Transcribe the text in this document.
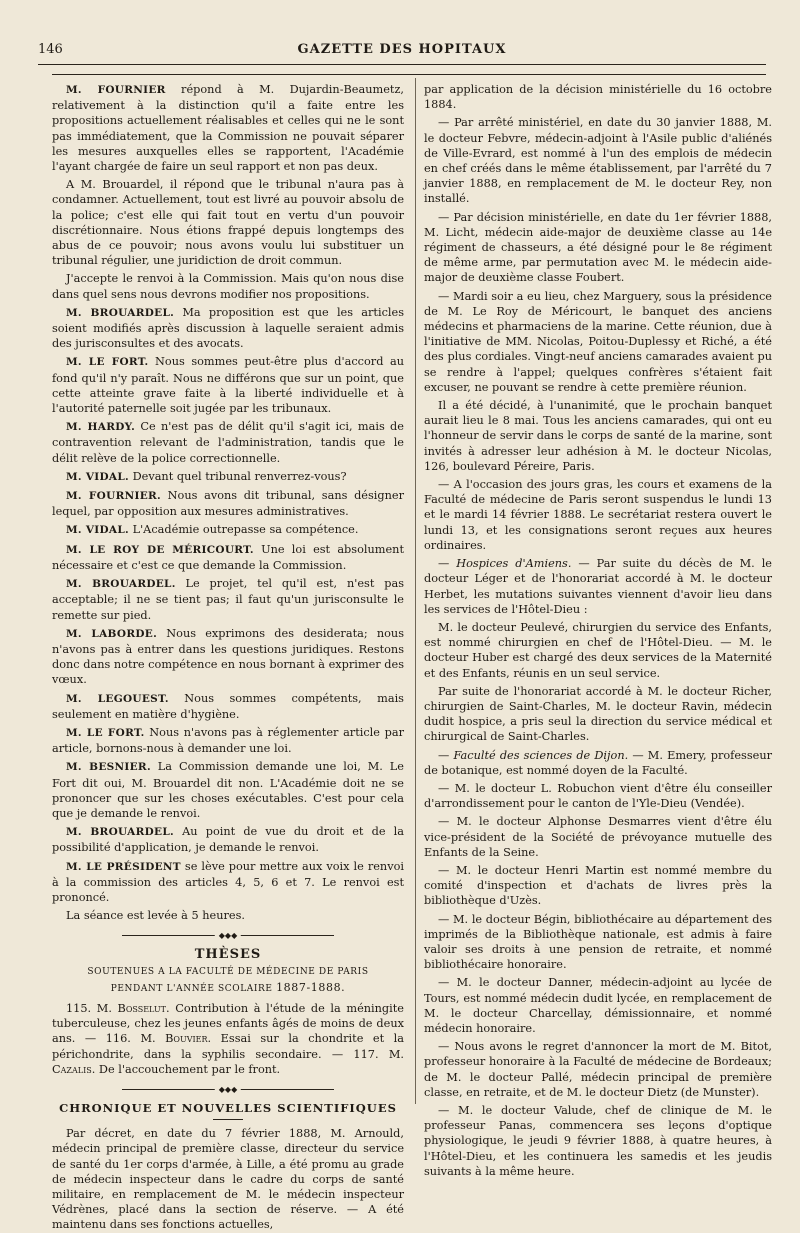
146	GAZETTE DES HOPITAUX

M. FOURNIER répond à M. Dujardin-Beaumetz, relativement à la distinction qu'il a faite entre les propositions actuellement réalisables et celles qui ne le sont pas immédiatement, que la Commission ne pouvait séparer les mesures auxquelles elles se rapportent, l'Académie l'ayant chargée de faire un seul rapport et non pas deux.

A M. Brouardel, il répond que le tribunal n'aura pas à condamner. Actuellement, tout est livré au pouvoir absolu de la police; c'est elle qui fait tout en vertu d'un pouvoir discrétionnaire. Nous étions frappé depuis longtemps des abus de ce pouvoir; nous avons voulu lui substituer un tribunal régulier, une juridiction de droit commun.

J'accepte le renvoi à la Commission. Mais qu'on nous dise dans quel sens nous devrons modifier nos propositions.

M. BROUARDEL. Ma proposition est que les articles soient modifiés après discussion à laquelle seraient admis des jurisconsultes et des avocats.

M. LE FORT. Nous sommes peut-être plus d'accord au fond qu'il n'y paraît. Nous ne différons que sur un point, que cette atteinte grave faite à la liberté individuelle et à l'autorité paternelle soit jugée par les tribunaux.

M. HARDY. Ce n'est pas de délit qu'il s'agit ici, mais de contravention relevant de l'administration, tandis que le délit relève de la police correctionnelle.

M. VIDAL. Devant quel tribunal renverrez-vous?

M. FOURNIER. Nous avons dit tribunal, sans désigner lequel, par opposition aux mesures administratives.

M. VIDAL. L'Académie outrepasse sa compétence.

M. LE ROY DE MÉRICOURT. Une loi est absolument nécessaire et c'est ce que demande la Commission.

M. BROUARDEL. Le projet, tel qu'il est, n'est pas acceptable; il ne se tient pas; il faut qu'un jurisconsulte le remette sur pied.

M. LABORDE. Nous exprimons des desiderata; nous n'avons pas à entrer dans les questions juridiques. Restons donc dans notre compétence en nous bornant à exprimer des vœux.

M. LEGOUEST. Nous sommes compétents, mais seulement en matière d'hygiène.

M. LE FORT. Nous n'avons pas à réglementer article par article, bornons-nous à demander une loi.

M. BESNIER. La Commission demande une loi, M. Le Fort dit oui, M. Brouardel dit non. L'Académie doit ne se prononcer que sur les choses exécutables. C'est pour cela que je demande le renvoi.

M. BROUARDEL. Au point de vue du droit et de la possibilité d'application, je demande le renvoi.

M. LE PRÉSIDENT se lève pour mettre aux voix le renvoi à la commission des articles 4, 5, 6 et 7. Le renvoi est prononcé.

La séance est levée à 5 heures.

◆◆◆

THÈSES

SOUTENUES A LA FACULTÉ DE MÉDECINE DE PARIS

PENDANT L'ANNÉE SCOLAIRE 1887-1888.

115. M. Bosselut. Contribution à l'étude de la méningite tuberculeuse, chez les jeunes enfants âgés de moins de deux ans. — 116. M. Bouvier. Essai sur la chondrite et la périchondrite, dans la syphilis secondaire. — 117. M. Cazalis. De l'accouchement par le front.

◆◆◆

CHRONIQUE ET NOUVELLES SCIENTIFIQUES

Par décret, en date du 7 février 1888, M. Arnould, médecin principal de première classe, directeur du service de santé du 1er corps d'armée, à Lille, a été promu au grade de médecin inspecteur dans le cadre du corps de santé militaire, en remplacement de M. le médecin inspecteur Védrènes, placé dans la section de réserve. — A été maintenu dans ses fonctions actuelles,

par application de la décision ministérielle du 16 octobre 1884.

— Par arrêté ministériel, en date du 30 janvier 1888, M. le docteur Febvre, médecin-adjoint à l'Asile public d'aliénés de Ville-Evrard, est nommé à l'un des emplois de médecin en chef créés dans le même établissement, par l'arrêté du 7 janvier 1888, en remplacement de M. le docteur Rey, non installé.

— Par décision ministérielle, en date du 1er février 1888, M. Licht, médecin aide-major de deuxième classe au 14e régiment de chasseurs, a été désigné pour le 8e régiment de même arme, par permutation avec M. le médecin aide-major de deuxième classe Foubert.

— Mardi soir a eu lieu, chez Marguery, sous la présidence de M. Le Roy de Méricourt, le banquet des anciens médecins et pharmaciens de la marine. Cette réunion, due à l'initiative de MM. Nicolas, Poitou-Duplessy et Riché, a été des plus cordiales. Vingt-neuf anciens camarades avaient pu se rendre à l'appel; quelques confrères s'étaient fait excuser, ne pouvant se rendre à cette première réunion.

Il a été décidé, à l'unanimité, que le prochain banquet aurait lieu le 8 mai. Tous les anciens camarades, qui ont eu l'honneur de servir dans le corps de santé de la marine, sont invités à adresser leur adhésion à M. le docteur Nicolas, 126, boulevard Péreire, Paris.

— A l'occasion des jours gras, les cours et examens de la Faculté de médecine de Paris seront suspendus le lundi 13 et le mardi 14 février 1888. Le secrétariat restera ouvert le lundi 13, et les consignations seront reçues aux heures ordinaires.

— Hospices d'Amiens. — Par suite du décès de M. le docteur Léger et de l'honorariat accordé à M. le docteur Herbet, les mutations suivantes viennent d'avoir lieu dans les services de l'Hôtel-Dieu :

M. le docteur Peulevé, chirurgien du service des Enfants, est nommé chirurgien en chef de l'Hôtel-Dieu. — M. le docteur Huber est chargé des deux services de la Maternité et des Enfants, réunis en un seul service.

Par suite de l'honorariat accordé à M. le docteur Richer, chirurgien de Saint-Charles, M. le docteur Ravin, médecin dudit hospice, a pris seul la direction du service médical et chirurgical de Saint-Charles.

— Faculté des sciences de Dijon. — M. Emery, professeur de botanique, est nommé doyen de la Faculté.

— M. le docteur L. Robuchon vient d'être élu conseiller d'arrondissement pour le canton de l'Yle-Dieu (Vendée).

— M. le docteur Alphonse Desmarres vient d'être élu vice-président de la Société de prévoyance mutuelle des Enfants de la Seine.

— M. le docteur Henri Martin est nommé membre du comité d'inspection et d'achats de livres près la bibliothèque d'Uzès.

— M. le docteur Bégin, bibliothécaire au département des imprimés de la Bibliothèque nationale, est admis à faire valoir ses droits à une pension de retraite, et nommé bibliothécaire honoraire.

— M. le docteur Danner, médecin-adjoint au lycée de Tours, est nommé médecin dudit lycée, en remplacement de M. le docteur Charcellay, démissionnaire, et nommé médecin honoraire.

— Nous avons le regret d'annoncer la mort de M. Bitot, professeur honoraire à la Faculté de médecine de Bordeaux; de M. le docteur Pallé, médecin principal de première classe, en retraite, et de M. le docteur Dietz (de Munster).

— M. le docteur Valude, chef de clinique de M. le professeur Panas, commencera ses leçons d'optique physiologique, le jeudi 9 février 1888, à quatre heures, à l'Hôtel-Dieu, et les continuera les samedis et les jeudis suivants à la même heure.
